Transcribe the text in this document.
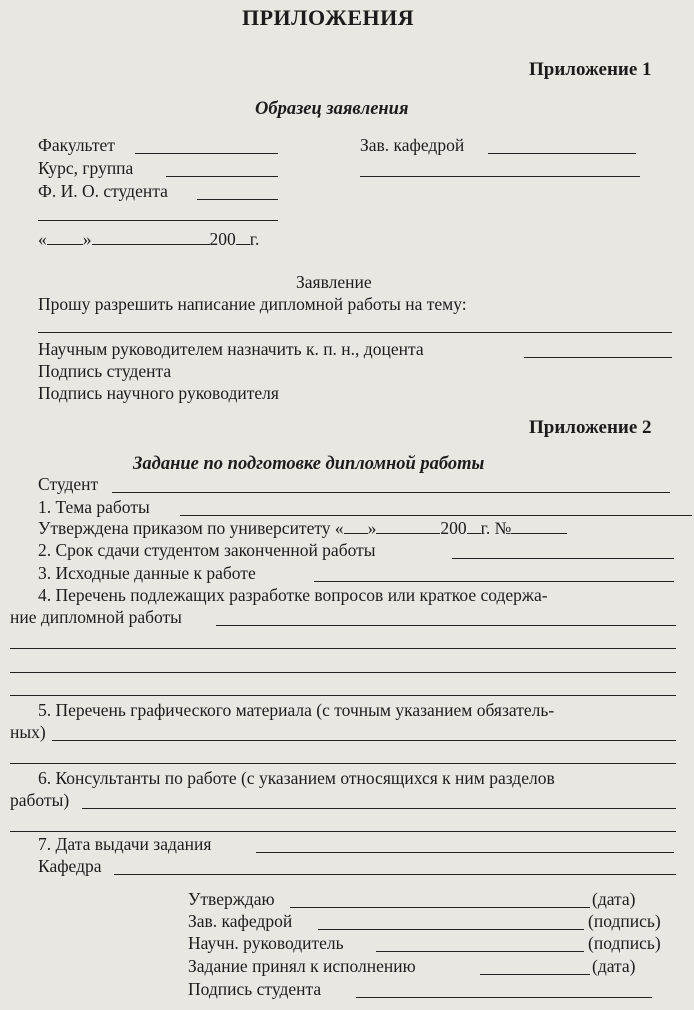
ПРИЛОЖЕНИЯ
Приложение 1
Образец заявления
Факультет	Зав. кафедрой
Курс, группа
Ф. И. О. студента
« »	200 г.
Заявление
Прошу разрешить написание дипломной работы на тему:
Научным руководителем назначить к. п. н., доцента
Подпись студента
Подпись научного руководителя
Приложение 2
Задание по подготовке дипломной работы
Студент
1. Тема работы
Утверждена приказом по университету « »	200 г. №
2. Срок сдачи студентом законченной работы
3. Исходные данные к работе
4. Перечень подлежащих разработке вопросов или краткое содержа-
ние дипломной работы
5. Перечень графического материала (с точным указанием обязатель-
ных)
6. Консультанты по работе (с указанием относящихся к ним разделов
работы)
7. Дата выдачи задания
Кафедра
Утверждаю	(дата)
Зав. кафедрой	(подпись)
Научн. руководитель	(подпись)
Задание принял к исполнению	(дата)
Подпись студента
